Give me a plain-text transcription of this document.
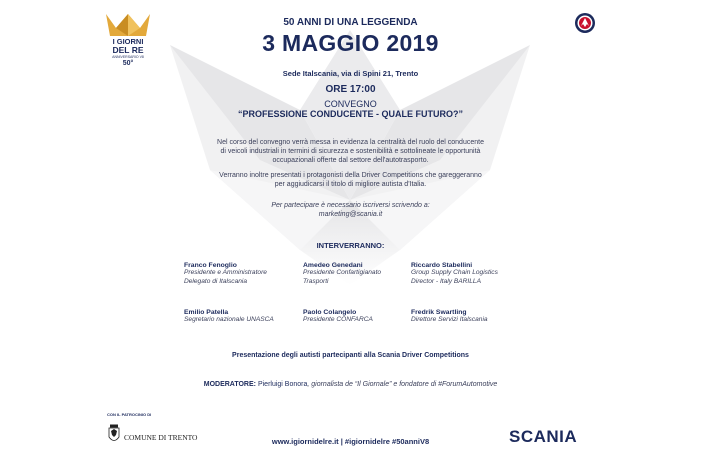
I GIORNI
DEL RE
ANNIVERSARIO V8
50°
50 ANNI DI UNA LEGGENDA
3 MAGGIO 2019
Sede Italscania, via di Spini 21, Trento
ORE 17:00
CONVEGNO
“PROFESSIONE CONDUCENTE - QUALE FUTURO?”
Nel corso del convegno verrà messa in evidenza la centralità del ruolo del conducente
di veicoli industriali in termini di sicurezza e sostenibilità e sottolineate le opportunità
occupazionali offerte dal settore dell'autotrasporto.
Verranno inoltre presentati i protagonisti della Driver Competitions che gareggeranno
per aggiudicarsi il titolo di migliore autista d'Italia.
Per partecipare è necessario iscriversi scrivendo a:
marketing@scania.it
INTERVERRANNO:
Franco Fenoglio
Presidente e Amministratore
Delegato di Italscania
Amedeo Genedani
Presidente Confartigianato
Trasporti
Riccardo Stabellini
Group Supply Chain Logistics
Director - Italy BARILLA
Emilio Patella
Segretario nazionale UNASCA
Paolo Colangelo
Presidente CONFARCA
Fredrik Swartling
Direttore Servizi Italscania
Presentazione degli autisti partecipanti alla Scania Driver Competitions
MODERATORE: Pierluigi Bonora, giornalista de “Il Giornale” e fondatore di #ForumAutomotive
CON IL PATROCINIO DI
COMUNE DI TRENTO	www.igiornidelre.it | #igiornidelre #50anniV8	SCANIA
